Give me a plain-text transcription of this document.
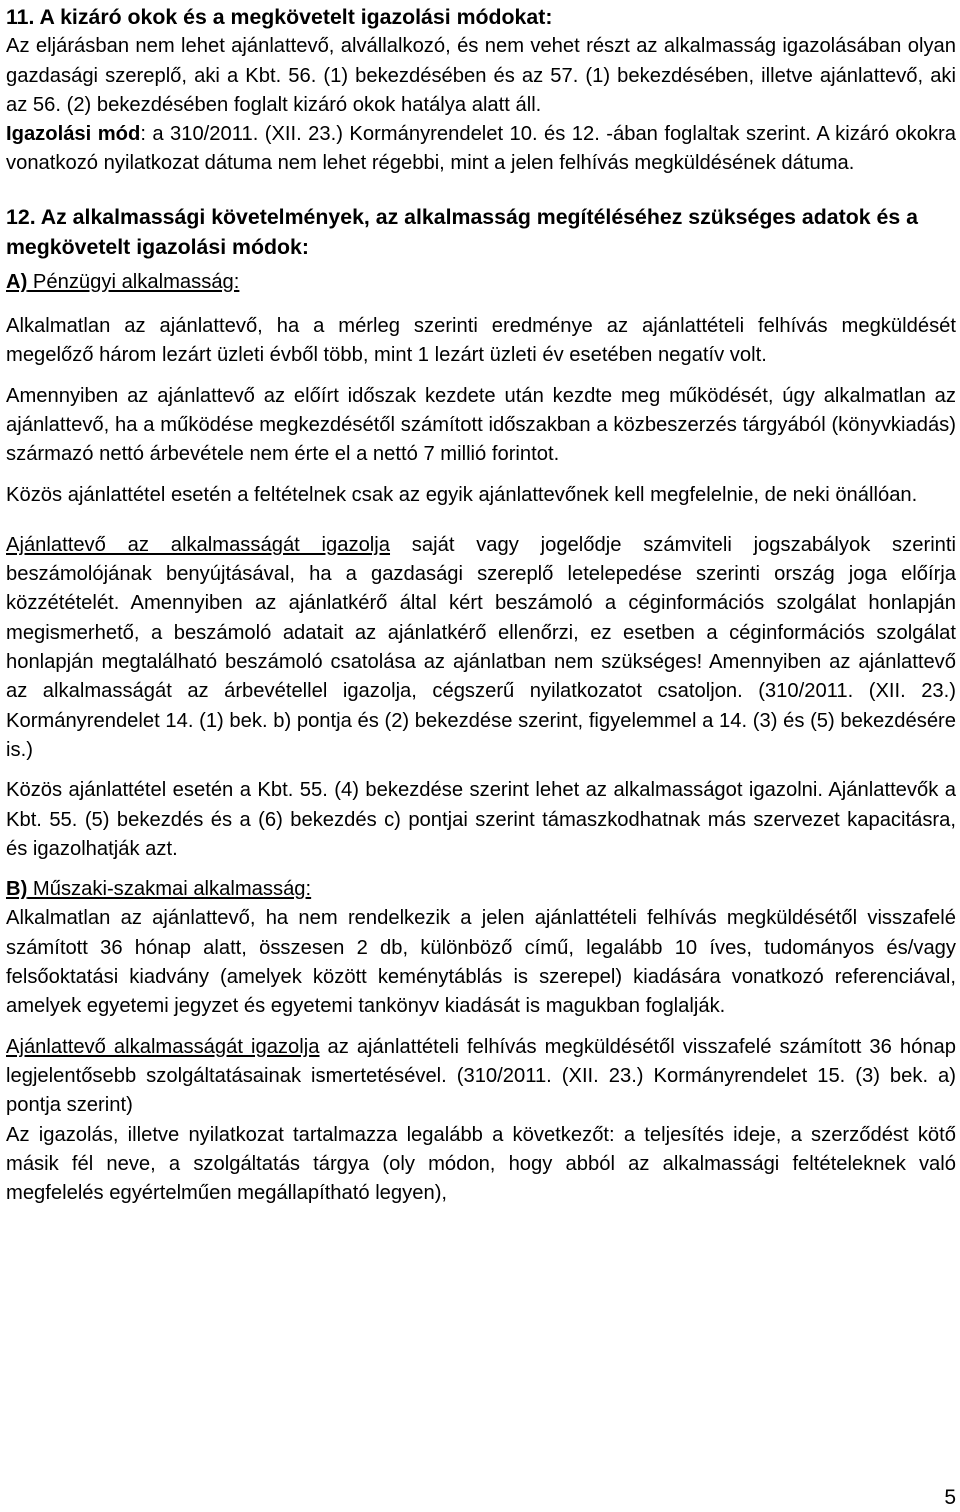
11. A kizáró okok és a megkövetelt igazolási módokat:

Az eljárásban nem lehet ajánlattevő, alvállalkozó, és nem vehet részt az alkalmasság igazolásában olyan gazdasági szereplő, aki a Kbt. 56. (1) bekezdésében és az 57. (1) bekezdésében, illetve ajánlattevő, aki az 56. (2) bekezdésében foglalt kizáró okok hatálya alatt áll.

Igazolási mód: a 310/2011. (XII. 23.) Kormányrendelet 10. és 12. -ában foglaltak szerint. A kizáró okokra vonatkozó nyilatkozat dátuma nem lehet régebbi, mint a jelen felhívás megküldésének dátuma.

12. Az alkalmassági követelmények, az alkalmasság megítéléséhez szükséges adatok és a megkövetelt igazolási módok:

A) Pénzügyi alkalmasság:

Alkalmatlan az ajánlattevő, ha a mérleg szerinti eredménye az ajánlattételi felhívás megküldését megelőző három lezárt üzleti évből több, mint 1 lezárt üzleti év esetében negatív volt.

Amennyiben az ajánlattevő az előírt időszak kezdete után kezdte meg működését, úgy alkalmatlan az ajánlattevő, ha a működése megkezdésétől számított időszakban a közbeszerzés tárgyából (könyvkiadás) származó nettó árbevétele nem érte el a nettó 7 millió forintot.

Közös ajánlattétel esetén a feltételnek csak az egyik ajánlattevőnek kell megfelelnie, de neki önállóan.

Ajánlattevő az alkalmasságát igazolja saját vagy jogelődje számviteli jogszabályok szerinti beszámolójának benyújtásával, ha a gazdasági szereplő letelepedése szerinti ország joga előírja közzétételét. Amennyiben az ajánlatkérő által kért beszámoló a céginformációs szolgálat honlapján megismerhető, a beszámoló adatait az ajánlatkérő ellenőrzi, ez esetben a céginformációs szolgálat honlapján megtalálható beszámoló csatolása az ajánlatban nem szükséges! Amennyiben az ajánlattevő az alkalmasságát az árbevétellel igazolja, cégszerű nyilatkozatot csatoljon. (310/2011. (XII. 23.) Kormányrendelet 14. (1) bek. b) pontja és (2) bekezdése szerint, figyelemmel a 14. (3) és (5) bekezdésére is.)

Közös ajánlattétel esetén a Kbt. 55. (4) bekezdése szerint lehet az alkalmasságot igazolni. Ajánlattevők a Kbt. 55. (5) bekezdés és a (6) bekezdés c) pontjai szerint támaszkodhatnak más szervezet kapacitásra, és igazolhatják azt.

B) Műszaki-szakmai alkalmasság:

Alkalmatlan az ajánlattevő, ha nem rendelkezik a jelen ajánlattételi felhívás megküldésétől visszafelé számított 36 hónap alatt, összesen 2 db, különböző című, legalább 10 íves, tudományos és/vagy felsőoktatási kiadvány (amelyek között keménytáblás is szerepel) kiadására vonatkozó referenciával, amelyek egyetemi jegyzet és egyetemi tankönyv kiadását is magukban foglalják.

Ajánlattevő alkalmasságát igazolja az ajánlattételi felhívás megküldésétől visszafelé számított 36 hónap legjelentősebb szolgáltatásainak ismertetésével. (310/2011. (XII. 23.) Kormányrendelet 15. (3) bek. a) pontja szerint)

Az igazolás, illetve nyilatkozat tartalmazza legalább a következőt: a teljesítés ideje, a szerződést kötő másik fél neve, a szolgáltatás tárgya (oly módon, hogy abból az alkalmassági feltételeknek való megfelelés egyértelműen megállapítható legyen),

5
